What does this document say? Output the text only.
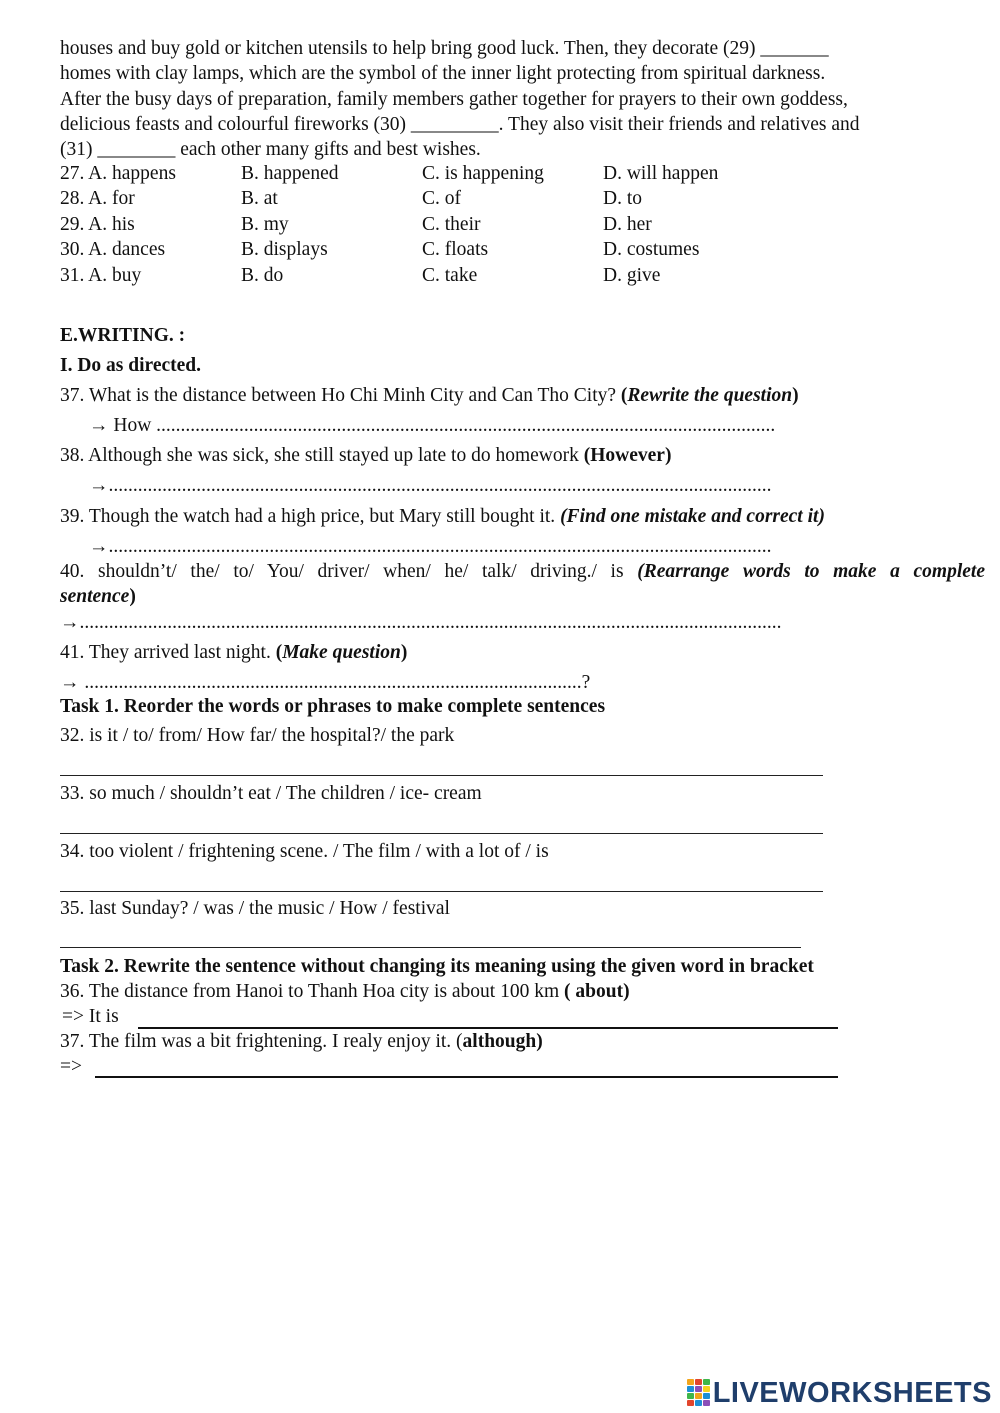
houses and buy gold or kitchen utensils to help bring good luck. Then, they decorate (29) _______
homes with clay lamps, which are the symbol of the inner light protecting from spiritual darkness.
After the busy days of preparation, family members gather together for prayers to their own goddess,
delicious feasts and colourful fireworks (30) _________. They also visit their friends and relatives and
(31) ________ each other many gifts and best wishes.
27. A. happens	B. happened	C. is happening	D. will happen
28. A. for	B. at	C. of	D. to
29. A. his	B. my	C. their	D. her
30. A. dances	B. displays	C. floats	D. costumes
31. A. buy	B. do	C. take	D. give
E.WRITING. :
I. Do as directed.
37. What is the distance between Ho Chi Minh City and Can Tho City? (Rewrite the question)
→ How ...............................................................................................................................
38. Although she was sick, she still stayed up late to do homework (However)
→........................................................................................................................................
39. Though the watch had a high price, but Mary still bought it. (Find one mistake and correct it)
→........................................................................................................................................
40. shouldn’t/ the/ to/ You/ driver/ when/ he/ talk/ driving./ is (Rearrange words to make a complete
sentence)
→................................................................................................................................................
41. They arrived last night. (Make question)
→ ......................................................................................................?
Task 1. Reorder the words or phrases to make complete sentences
32. is it / to/ from/ How far/ the hospital?/ the park
33. so much / shouldn’t eat / The children / ice- cream
34. too violent / frightening scene. / The film / with a lot of / is
35. last Sunday? / was / the music / How / festival
Task 2. Rewrite the sentence without changing its meaning using the given word in bracket
36. The distance from Hanoi to Thanh Hoa city is about 100 km ( about)
=> It is
37. The film was a bit frightening. I realy enjoy it. (although)
=>
LIVEWORKSHEETS
